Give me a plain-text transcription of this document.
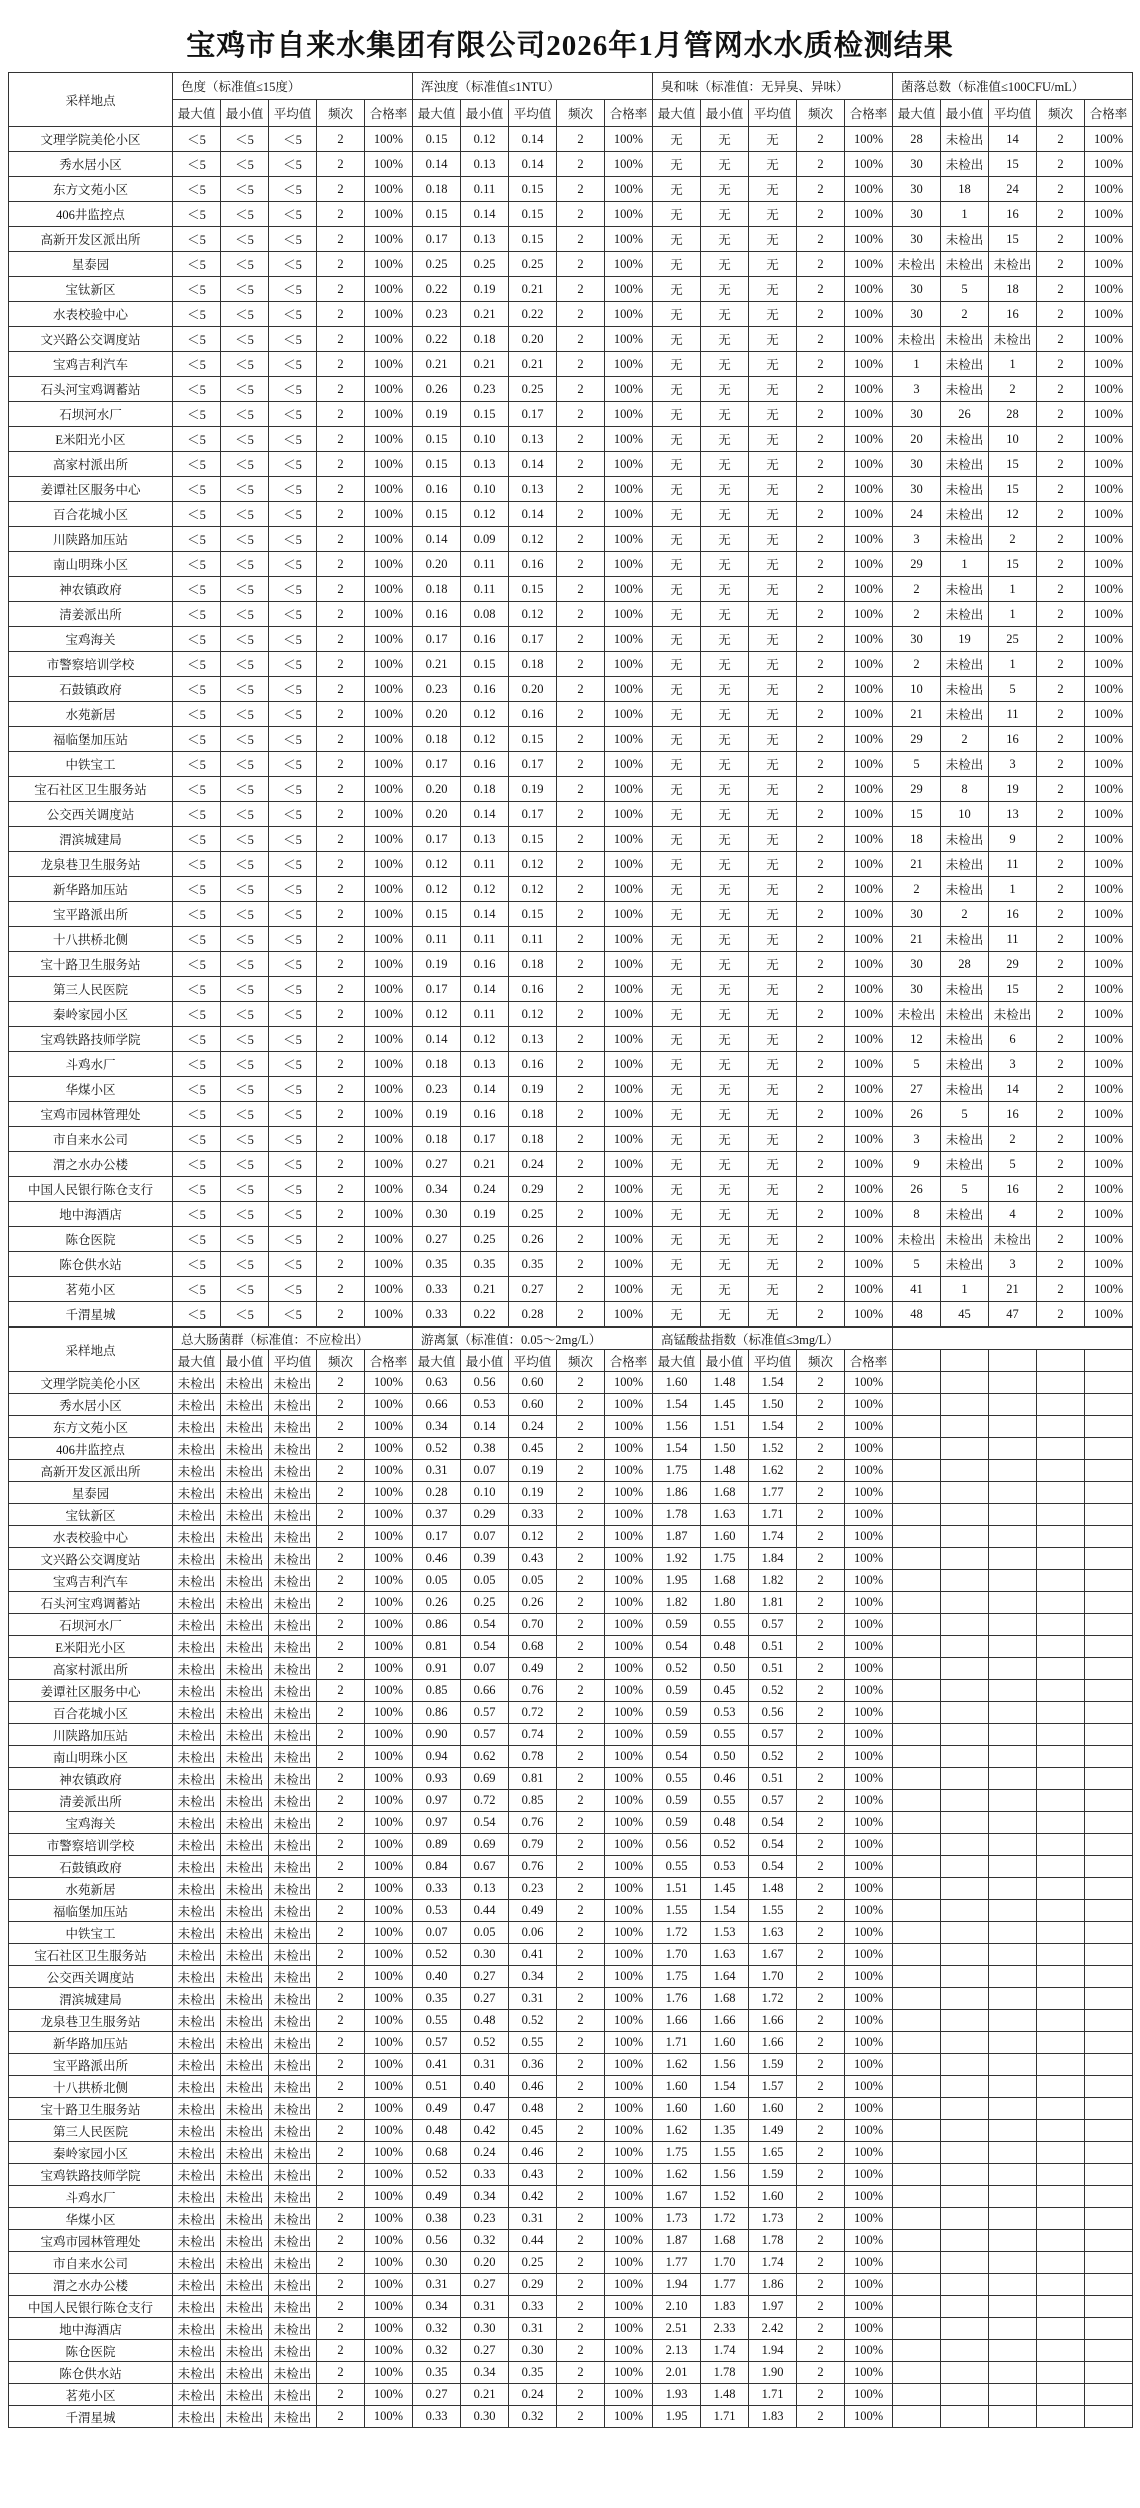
宝鸡市自来水集团有限公司2026年1月管网水水质检测结果
采样地点	色度（标准值≤15度）					浑浊度（标准值≤1NTU）					臭和味（标准值：无异臭、异味）					菌落总数（标准值≤100CFU/mL）				
	最大值	最小值	平均值	频次	合格率	最大值	最小值	平均值	频次	合格率	最大值	最小值	平均值	频次	合格率	最大值	最小值	平均值	频次	合格率
文理学院美伦小区	＜5	＜5	＜5	2	100%	0.15	0.12	0.14	2	100%	无	无	无	2	100%	28	未检出	14	2	100%
秀水居小区	＜5	＜5	＜5	2	100%	0.14	0.13	0.14	2	100%	无	无	无	2	100%	30	未检出	15	2	100%
东方文苑小区	＜5	＜5	＜5	2	100%	0.18	0.11	0.15	2	100%	无	无	无	2	100%	30	18	24	2	100%
406井监控点	＜5	＜5	＜5	2	100%	0.15	0.14	0.15	2	100%	无	无	无	2	100%	30	1	16	2	100%
高新开发区派出所	＜5	＜5	＜5	2	100%	0.17	0.13	0.15	2	100%	无	无	无	2	100%	30	未检出	15	2	100%
星泰园	＜5	＜5	＜5	2	100%	0.25	0.25	0.25	2	100%	无	无	无	2	100%	未检出	未检出	未检出	2	100%
宝钛新区	＜5	＜5	＜5	2	100%	0.22	0.19	0.21	2	100%	无	无	无	2	100%	30	5	18	2	100%
水表校验中心	＜5	＜5	＜5	2	100%	0.23	0.21	0.22	2	100%	无	无	无	2	100%	30	2	16	2	100%
文兴路公交调度站	＜5	＜5	＜5	2	100%	0.22	0.18	0.20	2	100%	无	无	无	2	100%	未检出	未检出	未检出	2	100%
宝鸡吉利汽车	＜5	＜5	＜5	2	100%	0.21	0.21	0.21	2	100%	无	无	无	2	100%	1	未检出	1	2	100%
石头河宝鸡调蓄站	＜5	＜5	＜5	2	100%	0.26	0.23	0.25	2	100%	无	无	无	2	100%	3	未检出	2	2	100%
石坝河水厂	＜5	＜5	＜5	2	100%	0.19	0.15	0.17	2	100%	无	无	无	2	100%	30	26	28	2	100%
E米阳光小区	＜5	＜5	＜5	2	100%	0.15	0.10	0.13	2	100%	无	无	无	2	100%	20	未检出	10	2	100%
高家村派出所	＜5	＜5	＜5	2	100%	0.15	0.13	0.14	2	100%	无	无	无	2	100%	30	未检出	15	2	100%
姜谭社区服务中心	＜5	＜5	＜5	2	100%	0.16	0.10	0.13	2	100%	无	无	无	2	100%	30	未检出	15	2	100%
百合花城小区	＜5	＜5	＜5	2	100%	0.15	0.12	0.14	2	100%	无	无	无	2	100%	24	未检出	12	2	100%
川陕路加压站	＜5	＜5	＜5	2	100%	0.14	0.09	0.12	2	100%	无	无	无	2	100%	3	未检出	2	2	100%
南山明珠小区	＜5	＜5	＜5	2	100%	0.20	0.11	0.16	2	100%	无	无	无	2	100%	29	1	15	2	100%
神农镇政府	＜5	＜5	＜5	2	100%	0.18	0.11	0.15	2	100%	无	无	无	2	100%	2	未检出	1	2	100%
清姜派出所	＜5	＜5	＜5	2	100%	0.16	0.08	0.12	2	100%	无	无	无	2	100%	2	未检出	1	2	100%
宝鸡海关	＜5	＜5	＜5	2	100%	0.17	0.16	0.17	2	100%	无	无	无	2	100%	30	19	25	2	100%
市警察培训学校	＜5	＜5	＜5	2	100%	0.21	0.15	0.18	2	100%	无	无	无	2	100%	2	未检出	1	2	100%
石鼓镇政府	＜5	＜5	＜5	2	100%	0.23	0.16	0.20	2	100%	无	无	无	2	100%	10	未检出	5	2	100%
水苑新居	＜5	＜5	＜5	2	100%	0.20	0.12	0.16	2	100%	无	无	无	2	100%	21	未检出	11	2	100%
福临堡加压站	＜5	＜5	＜5	2	100%	0.18	0.12	0.15	2	100%	无	无	无	2	100%	29	2	16	2	100%
中铁宝工	＜5	＜5	＜5	2	100%	0.17	0.16	0.17	2	100%	无	无	无	2	100%	5	未检出	3	2	100%
宝石社区卫生服务站	＜5	＜5	＜5	2	100%	0.20	0.18	0.19	2	100%	无	无	无	2	100%	29	8	19	2	100%
公交西关调度站	＜5	＜5	＜5	2	100%	0.20	0.14	0.17	2	100%	无	无	无	2	100%	15	10	13	2	100%
渭滨城建局	＜5	＜5	＜5	2	100%	0.17	0.13	0.15	2	100%	无	无	无	2	100%	18	未检出	9	2	100%
龙泉巷卫生服务站	＜5	＜5	＜5	2	100%	0.12	0.11	0.12	2	100%	无	无	无	2	100%	21	未检出	11	2	100%
新华路加压站	＜5	＜5	＜5	2	100%	0.12	0.12	0.12	2	100%	无	无	无	2	100%	2	未检出	1	2	100%
宝平路派出所	＜5	＜5	＜5	2	100%	0.15	0.14	0.15	2	100%	无	无	无	2	100%	30	2	16	2	100%
十八拱桥北侧	＜5	＜5	＜5	2	100%	0.11	0.11	0.11	2	100%	无	无	无	2	100%	21	未检出	11	2	100%
宝十路卫生服务站	＜5	＜5	＜5	2	100%	0.19	0.16	0.18	2	100%	无	无	无	2	100%	30	28	29	2	100%
第三人民医院	＜5	＜5	＜5	2	100%	0.17	0.14	0.16	2	100%	无	无	无	2	100%	30	未检出	15	2	100%
秦岭家园小区	＜5	＜5	＜5	2	100%	0.12	0.11	0.12	2	100%	无	无	无	2	100%	未检出	未检出	未检出	2	100%
宝鸡铁路技师学院	＜5	＜5	＜5	2	100%	0.14	0.12	0.13	2	100%	无	无	无	2	100%	12	未检出	6	2	100%
斗鸡水厂	＜5	＜5	＜5	2	100%	0.18	0.13	0.16	2	100%	无	无	无	2	100%	5	未检出	3	2	100%
华煤小区	＜5	＜5	＜5	2	100%	0.23	0.14	0.19	2	100%	无	无	无	2	100%	27	未检出	14	2	100%
宝鸡市园林管理处	＜5	＜5	＜5	2	100%	0.19	0.16	0.18	2	100%	无	无	无	2	100%	26	5	16	2	100%
市自来水公司	＜5	＜5	＜5	2	100%	0.18	0.17	0.18	2	100%	无	无	无	2	100%	3	未检出	2	2	100%
渭之水办公楼	＜5	＜5	＜5	2	100%	0.27	0.21	0.24	2	100%	无	无	无	2	100%	9	未检出	5	2	100%
中国人民银行陈仓支行	＜5	＜5	＜5	2	100%	0.34	0.24	0.29	2	100%	无	无	无	2	100%	26	5	16	2	100%
地中海酒店	＜5	＜5	＜5	2	100%	0.30	0.19	0.25	2	100%	无	无	无	2	100%	8	未检出	4	2	100%
陈仓医院	＜5	＜5	＜5	2	100%	0.27	0.25	0.26	2	100%	无	无	无	2	100%	未检出	未检出	未检出	2	100%
陈仓供水站	＜5	＜5	＜5	2	100%	0.35	0.35	0.35	2	100%	无	无	无	2	100%	5	未检出	3	2	100%
茗苑小区	＜5	＜5	＜5	2	100%	0.33	0.21	0.27	2	100%	无	无	无	2	100%	41	1	21	2	100%
千渭星城	＜5	＜5	＜5	2	100%	0.33	0.22	0.28	2	100%	无	无	无	2	100%	48	45	47	2	100%
采样地点	总大肠菌群（标准值：不应检出）					游离氯（标准值：0.05～2mg/L）					高锰酸盐指数（标准值≤3mg/L）									
	最大值	最小值	平均值	频次	合格率	最大值	最小值	平均值	频次	合格率	最大值	最小值	平均值	频次	合格率					
文理学院美伦小区	未检出	未检出	未检出	2	100%	0.63	0.56	0.60	2	100%	1.60	1.48	1.54	2	100%					
秀水居小区	未检出	未检出	未检出	2	100%	0.66	0.53	0.60	2	100%	1.54	1.45	1.50	2	100%					
东方文苑小区	未检出	未检出	未检出	2	100%	0.34	0.14	0.24	2	100%	1.56	1.51	1.54	2	100%					
406井监控点	未检出	未检出	未检出	2	100%	0.52	0.38	0.45	2	100%	1.54	1.50	1.52	2	100%					
高新开发区派出所	未检出	未检出	未检出	2	100%	0.31	0.07	0.19	2	100%	1.75	1.48	1.62	2	100%					
星泰园	未检出	未检出	未检出	2	100%	0.28	0.10	0.19	2	100%	1.86	1.68	1.77	2	100%					
宝钛新区	未检出	未检出	未检出	2	100%	0.37	0.29	0.33	2	100%	1.78	1.63	1.71	2	100%					
水表校验中心	未检出	未检出	未检出	2	100%	0.17	0.07	0.12	2	100%	1.87	1.60	1.74	2	100%					
文兴路公交调度站	未检出	未检出	未检出	2	100%	0.46	0.39	0.43	2	100%	1.92	1.75	1.84	2	100%					
宝鸡吉利汽车	未检出	未检出	未检出	2	100%	0.05	0.05	0.05	2	100%	1.95	1.68	1.82	2	100%					
石头河宝鸡调蓄站	未检出	未检出	未检出	2	100%	0.26	0.25	0.26	2	100%	1.82	1.80	1.81	2	100%					
石坝河水厂	未检出	未检出	未检出	2	100%	0.86	0.54	0.70	2	100%	0.59	0.55	0.57	2	100%					
E米阳光小区	未检出	未检出	未检出	2	100%	0.81	0.54	0.68	2	100%	0.54	0.48	0.51	2	100%					
高家村派出所	未检出	未检出	未检出	2	100%	0.91	0.07	0.49	2	100%	0.52	0.50	0.51	2	100%					
姜谭社区服务中心	未检出	未检出	未检出	2	100%	0.85	0.66	0.76	2	100%	0.59	0.45	0.52	2	100%					
百合花城小区	未检出	未检出	未检出	2	100%	0.86	0.57	0.72	2	100%	0.59	0.53	0.56	2	100%					
川陕路加压站	未检出	未检出	未检出	2	100%	0.90	0.57	0.74	2	100%	0.59	0.55	0.57	2	100%					
南山明珠小区	未检出	未检出	未检出	2	100%	0.94	0.62	0.78	2	100%	0.54	0.50	0.52	2	100%					
神农镇政府	未检出	未检出	未检出	2	100%	0.93	0.69	0.81	2	100%	0.55	0.46	0.51	2	100%					
清姜派出所	未检出	未检出	未检出	2	100%	0.97	0.72	0.85	2	100%	0.59	0.55	0.57	2	100%					
宝鸡海关	未检出	未检出	未检出	2	100%	0.97	0.54	0.76	2	100%	0.59	0.48	0.54	2	100%					
市警察培训学校	未检出	未检出	未检出	2	100%	0.89	0.69	0.79	2	100%	0.56	0.52	0.54	2	100%					
石鼓镇政府	未检出	未检出	未检出	2	100%	0.84	0.67	0.76	2	100%	0.55	0.53	0.54	2	100%					
水苑新居	未检出	未检出	未检出	2	100%	0.33	0.13	0.23	2	100%	1.51	1.45	1.48	2	100%					
福临堡加压站	未检出	未检出	未检出	2	100%	0.53	0.44	0.49	2	100%	1.55	1.54	1.55	2	100%					
中铁宝工	未检出	未检出	未检出	2	100%	0.07	0.05	0.06	2	100%	1.72	1.53	1.63	2	100%					
宝石社区卫生服务站	未检出	未检出	未检出	2	100%	0.52	0.30	0.41	2	100%	1.70	1.63	1.67	2	100%					
公交西关调度站	未检出	未检出	未检出	2	100%	0.40	0.27	0.34	2	100%	1.75	1.64	1.70	2	100%					
渭滨城建局	未检出	未检出	未检出	2	100%	0.35	0.27	0.31	2	100%	1.76	1.68	1.72	2	100%					
龙泉巷卫生服务站	未检出	未检出	未检出	2	100%	0.55	0.48	0.52	2	100%	1.66	1.66	1.66	2	100%					
新华路加压站	未检出	未检出	未检出	2	100%	0.57	0.52	0.55	2	100%	1.71	1.60	1.66	2	100%					
宝平路派出所	未检出	未检出	未检出	2	100%	0.41	0.31	0.36	2	100%	1.62	1.56	1.59	2	100%					
十八拱桥北侧	未检出	未检出	未检出	2	100%	0.51	0.40	0.46	2	100%	1.60	1.54	1.57	2	100%					
宝十路卫生服务站	未检出	未检出	未检出	2	100%	0.49	0.47	0.48	2	100%	1.60	1.60	1.60	2	100%					
第三人民医院	未检出	未检出	未检出	2	100%	0.48	0.42	0.45	2	100%	1.62	1.35	1.49	2	100%					
秦岭家园小区	未检出	未检出	未检出	2	100%	0.68	0.24	0.46	2	100%	1.75	1.55	1.65	2	100%					
宝鸡铁路技师学院	未检出	未检出	未检出	2	100%	0.52	0.33	0.43	2	100%	1.62	1.56	1.59	2	100%					
斗鸡水厂	未检出	未检出	未检出	2	100%	0.49	0.34	0.42	2	100%	1.67	1.52	1.60	2	100%					
华煤小区	未检出	未检出	未检出	2	100%	0.38	0.23	0.31	2	100%	1.73	1.72	1.73	2	100%					
宝鸡市园林管理处	未检出	未检出	未检出	2	100%	0.56	0.32	0.44	2	100%	1.87	1.68	1.78	2	100%					
市自来水公司	未检出	未检出	未检出	2	100%	0.30	0.20	0.25	2	100%	1.77	1.70	1.74	2	100%					
渭之水办公楼	未检出	未检出	未检出	2	100%	0.31	0.27	0.29	2	100%	1.94	1.77	1.86	2	100%					
中国人民银行陈仓支行	未检出	未检出	未检出	2	100%	0.34	0.31	0.33	2	100%	2.10	1.83	1.97	2	100%					
地中海酒店	未检出	未检出	未检出	2	100%	0.32	0.30	0.31	2	100%	2.51	2.33	2.42	2	100%					
陈仓医院	未检出	未检出	未检出	2	100%	0.32	0.27	0.30	2	100%	2.13	1.74	1.94	2	100%					
陈仓供水站	未检出	未检出	未检出	2	100%	0.35	0.34	0.35	2	100%	2.01	1.78	1.90	2	100%					
茗苑小区	未检出	未检出	未检出	2	100%	0.27	0.21	0.24	2	100%	1.93	1.48	1.71	2	100%					
千渭星城	未检出	未检出	未检出	2	100%	0.33	0.30	0.32	2	100%	1.95	1.71	1.83	2	100%					
